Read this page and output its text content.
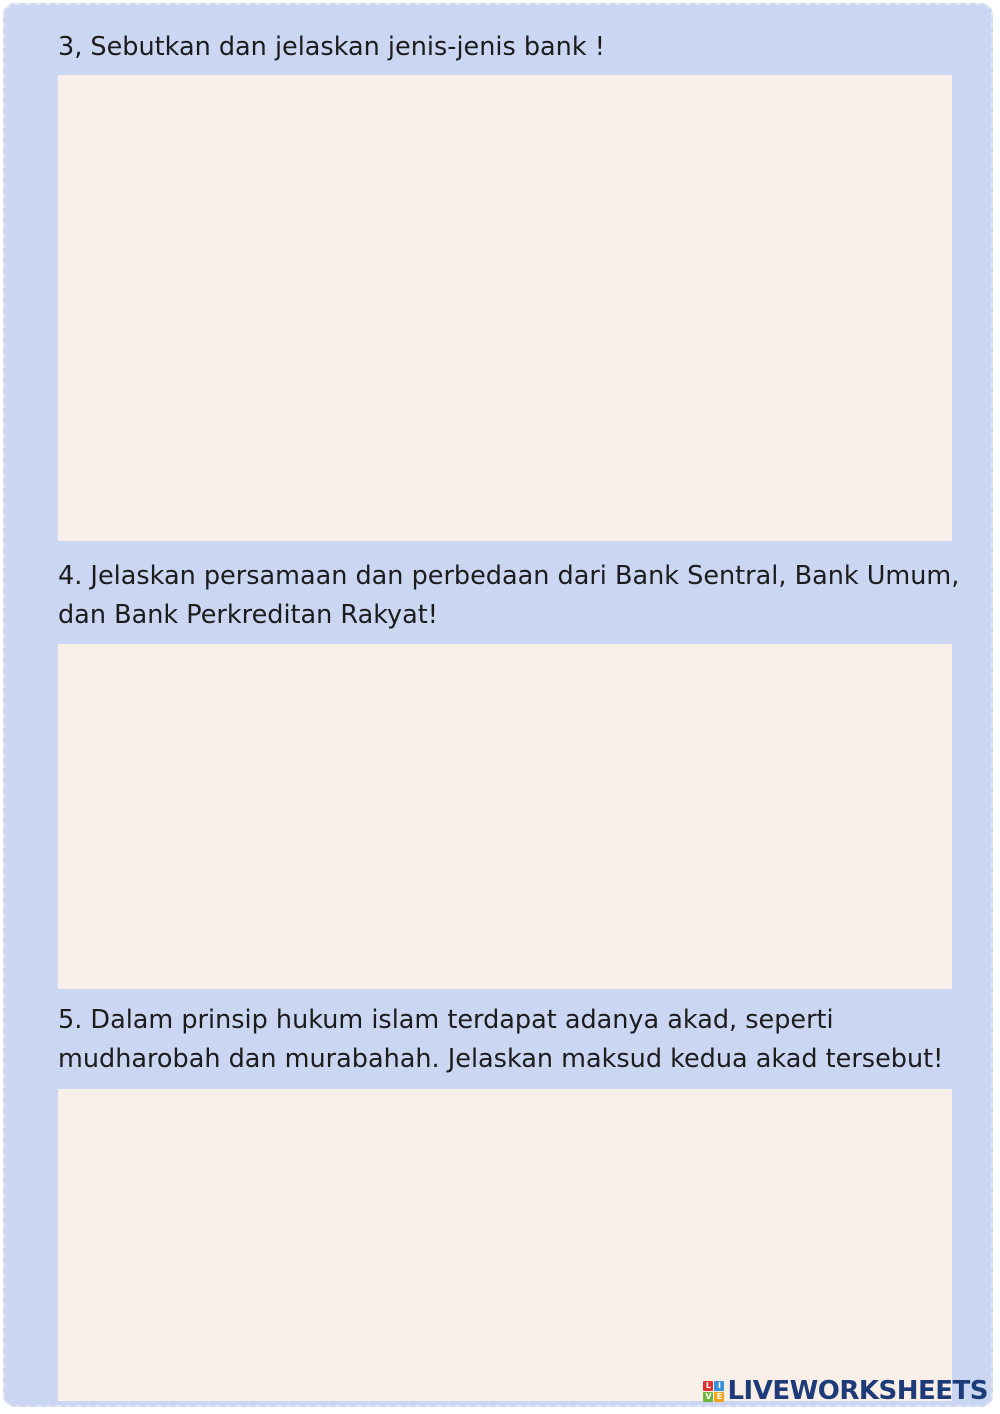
3, Sebutkan dan jelaskan jenis-jenis bank !

4. Jelaskan persamaan dan perbedaan dari Bank Sentral, Bank Umum, dan Bank Perkreditan Rakyat!

5. Dalam prinsip hukum islam terdapat adanya akad, seperti mudharobah dan murabahah. Jelaskan maksud kedua akad tersebut!

L I
V E LIVEWORKSHEETS
